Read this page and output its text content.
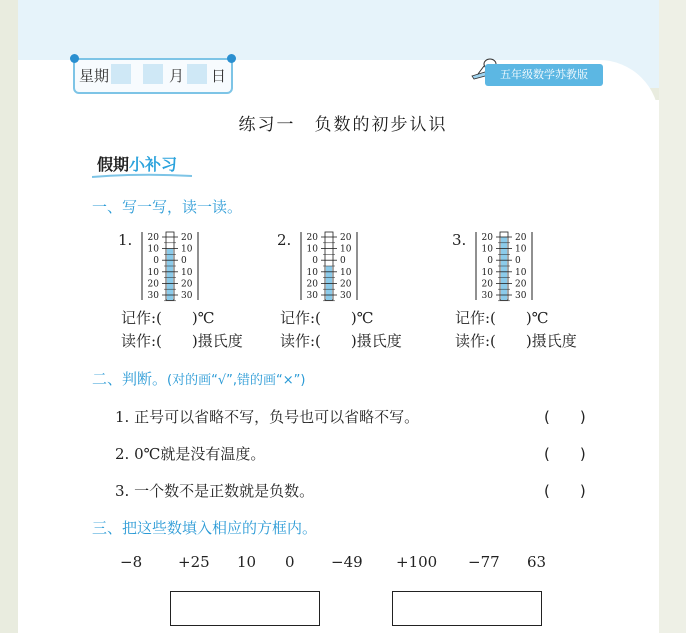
星期	月 日	五年级数学苏教版
练习一　负数的初步认识
假期小补习
一、写一写，读一读。
1. 20 20
10 10
0 0
10 10
20 20
30 30
记作:(　　)℃
读作:(　　)摄氏度
2. 20 20
10 10
0 0
10 10
20 20
30 30
记作:(　　)℃
读作:(　　)摄氏度
3. 20 20
10 10
0 0
10 10
20 20
30 30
记作:(　　)℃
读作:(　　)摄氏度
二、判断。(对的画“√”,错的画“×”)
1. 正号可以省略不写，负号也可以省略不写。	(　　)
2. 0℃就是没有温度。	(　　)
3. 一个数不是正数就是负数。	(　　)
三、把这些数填入相应的方框内。
−8 +25 10 0 −49 +100 −77 63
